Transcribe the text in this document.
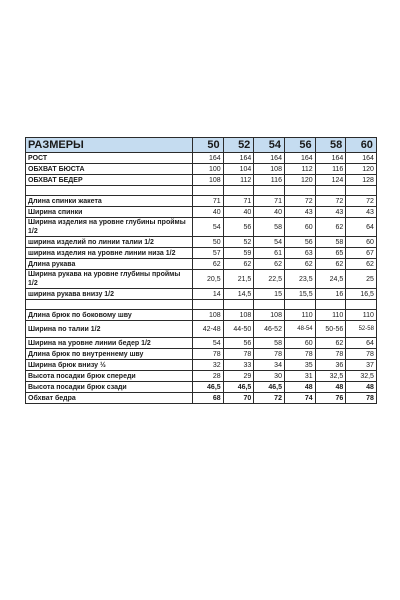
РАЗМЕРЫ	50	52	54	56	58	60
РОСТ	164	164	164	164	164	164
ОБХВАТ БЮСТА	100	104	108	112	116	120
ОБХВАТ БЕДЕР	108	112	116	120	124	128

Длина спинки жакета	71	71	71	72	72	72
Ширина спинки	40	40	40	43	43	43
Ширина изделия на уровне глубины проймы 1/2	54	56	58	60	62	64
ширина изделий по линии талии 1/2	50	52	54	56	58	60
ширина изделия на уровне линии низа 1/2	57	59	61	63	65	67
Длина рукава	62	62	62	62	62	62
Ширина рукава на уровне глубины проймы 1/2	20,5	21,5	22,5	23,5	24,5	25
ширина рукава внизу 1/2	14	14,5	15	15,5	16	16,5

Длина брюк по боковому шву	108	108	108	110	110	110
Ширина по талии 1/2	42-48	44-50	46-52	48-54	50-56	52-58
Ширина на уровне линии бедер 1/2	54	56	58	60	62	64
Длина брюк по внутреннему шву	78	78	78	78	78	78
Ширина брюк внизу ½	32	33	34	35	36	37
Высота посадки брюк спереди	28	29	30	31	32,5	32,5
Высота посадки брюк сзади	46,5	46,5	46,5	48	48	48
Обхват бедра	68	70	72	74	76	78
